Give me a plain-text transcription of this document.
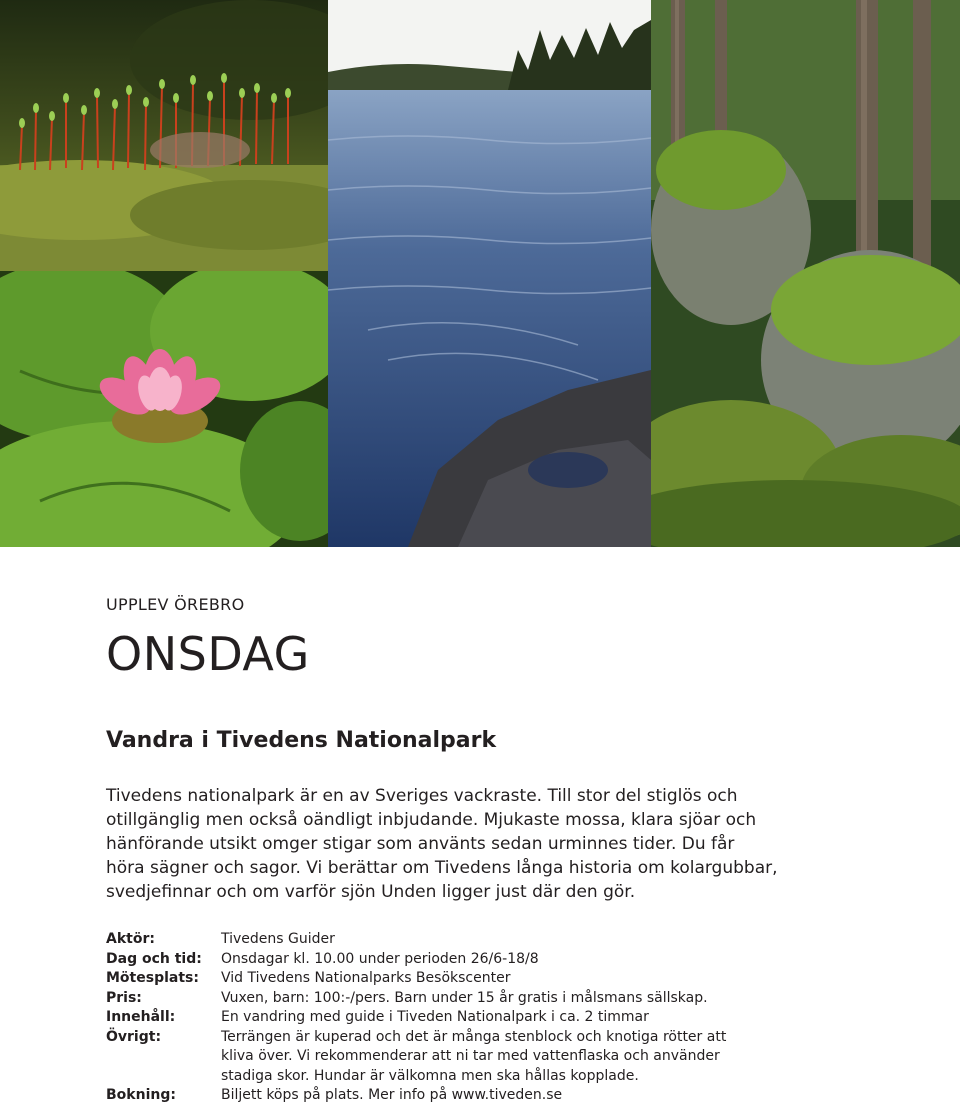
UPPLEV ÖREBRO
ONSDAG
Vandra i Tivedens Nationalpark

Tivedens nationalpark är en av Sveriges vackraste. Till stor del stiglös och
otillgänglig men också oändligt inbjudande. Mjukaste mossa, klara sjöar och
hänförande utsikt omger stigar som använts sedan urminnes tider. Du får
höra sägner och sagor. Vi berättar om Tivedens långa historia om kolargubbar,
svedjefinnar och om varför sjön Unden ligger just där den gör.

Aktör:	Tivedens Guider
Dag och tid: Onsdagar kl. 10.00 under perioden 26/6-18/8
Mötesplats: Vid Tivedens Nationalparks Besökscenter
Pris:	Vuxen, barn: 100:-/pers. Barn under 15 år gratis i målsmans sällskap.
Innehåll:	En vandring med guide i Tiveden Nationalpark i ca. 2 timmar
Övrigt:	Terrängen är kuperad och det är många stenblock och knotiga rötter att
kliva över. Vi rekommenderar att ni tar med vattenflaska och använder
stadiga skor. Hundar är välkomna men ska hållas kopplade.
Bokning:	Biljett köps på plats. Mer info på www.tiveden.se
